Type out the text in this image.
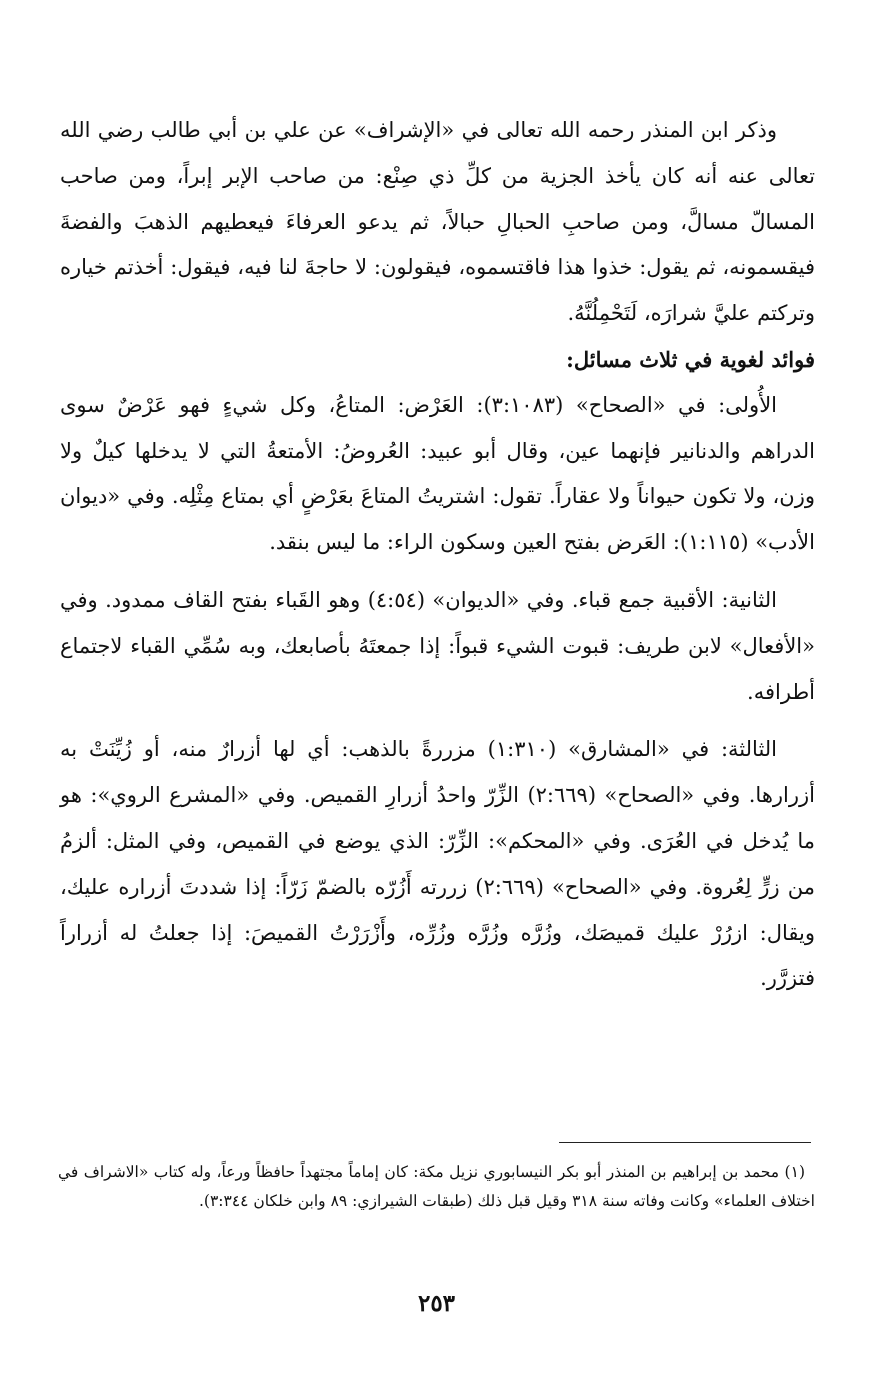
وذكر ابن المنذر رحمه الله تعالى في «الإشراف» عن علي بن أبي طالب رضي الله تعالى عنه أنه كان يأخذ الجزية من كلِّ ذي صِنْع: من صاحب الإبر إبراً، ومن صاحب المسالّ مسالَّ، ومن صاحبِ الحبالِ حبالاً، ثم يدعو العرفاءَ فيعطيهم الذهبَ والفضةَ فيقسمونه، ثم يقول: خذوا هذا فاقتسموه، فيقولون: لا حاجةَ لنا فيه، فيقول: أخذتم خياره وتركتم عليَّ شرارَه، لَتَحْمِلُنَّهُ.

فوائد لغوية في ثلاث مسائل:

الأُولى: في «الصحاح» (٣:١٠٨٣): العَرْض: المتاعُ، وكل شيءٍ فهو عَرْضٌ سوى الدراهم والدنانير فإنهما عين، وقال أبو عبيد: العُروضُ: الأمتعةُ التي لا يدخلها كيلٌ ولا وزن، ولا تكون حيواناً ولا عقاراً. تقول: اشتريتُ المتاعَ بعَرْضٍ أي بمتاع مِثْلِه. وفي «ديوان الأدب» (١:١١٥): العَرض بفتح العين وسكون الراء: ما ليس بنقد.

الثانية: الأقبية جمع قباء. وفي «الديوان» (٤:٥٤) وهو القَباء بفتح القاف ممدود. وفي «الأفعال» لابن طريف: قبوت الشيء قبواً: إذا جمعتَهُ بأصابعك، وبه سُمِّي القباء لاجتماع أطرافه.

الثالثة: في «المشارق» (١:٣١٠) مزررةً بالذهب: أي لها أزرارٌ منه، أو زُيِّنَتْ به أزرارها. وفي «الصحاح» (٢:٦٦٩) الزِّرّ واحدُ أزرارِ القميص. وفي «المشرع الروي»: هو ما يُدخل في العُرَى. وفي «المحكم»: الزِّرّ: الذي يوضع في القميص، وفي المثل: ألزمُ من زرٍّ لِعُروة. وفي «الصحاح» (٢:٦٦٩) زررته أَزُرّه بالضمّ زَرّاً: إذا شددتَ أزراره عليك، ويقال: ازرُرْ عليك قميصَك، وزُرَّه وزُرَّه وزُرِّه، وأَزْرَرْتُ القميصَ: إذا جعلتُ له أزراراً فتزرَّر.

(١) محمد بن إبراهيم بن المنذر أبو بكر النيسابوري نزيل مكة: كان إماماً مجتهداً حافظاً ورعاً، وله كتاب «الاشراف في اختلاف العلماء» وكانت وفاته سنة ٣١٨ وقيل قبل ذلك (طبقات الشيرازي: ٨٩ وابن خلكان ٣:٣٤٤).

٢٥٣
